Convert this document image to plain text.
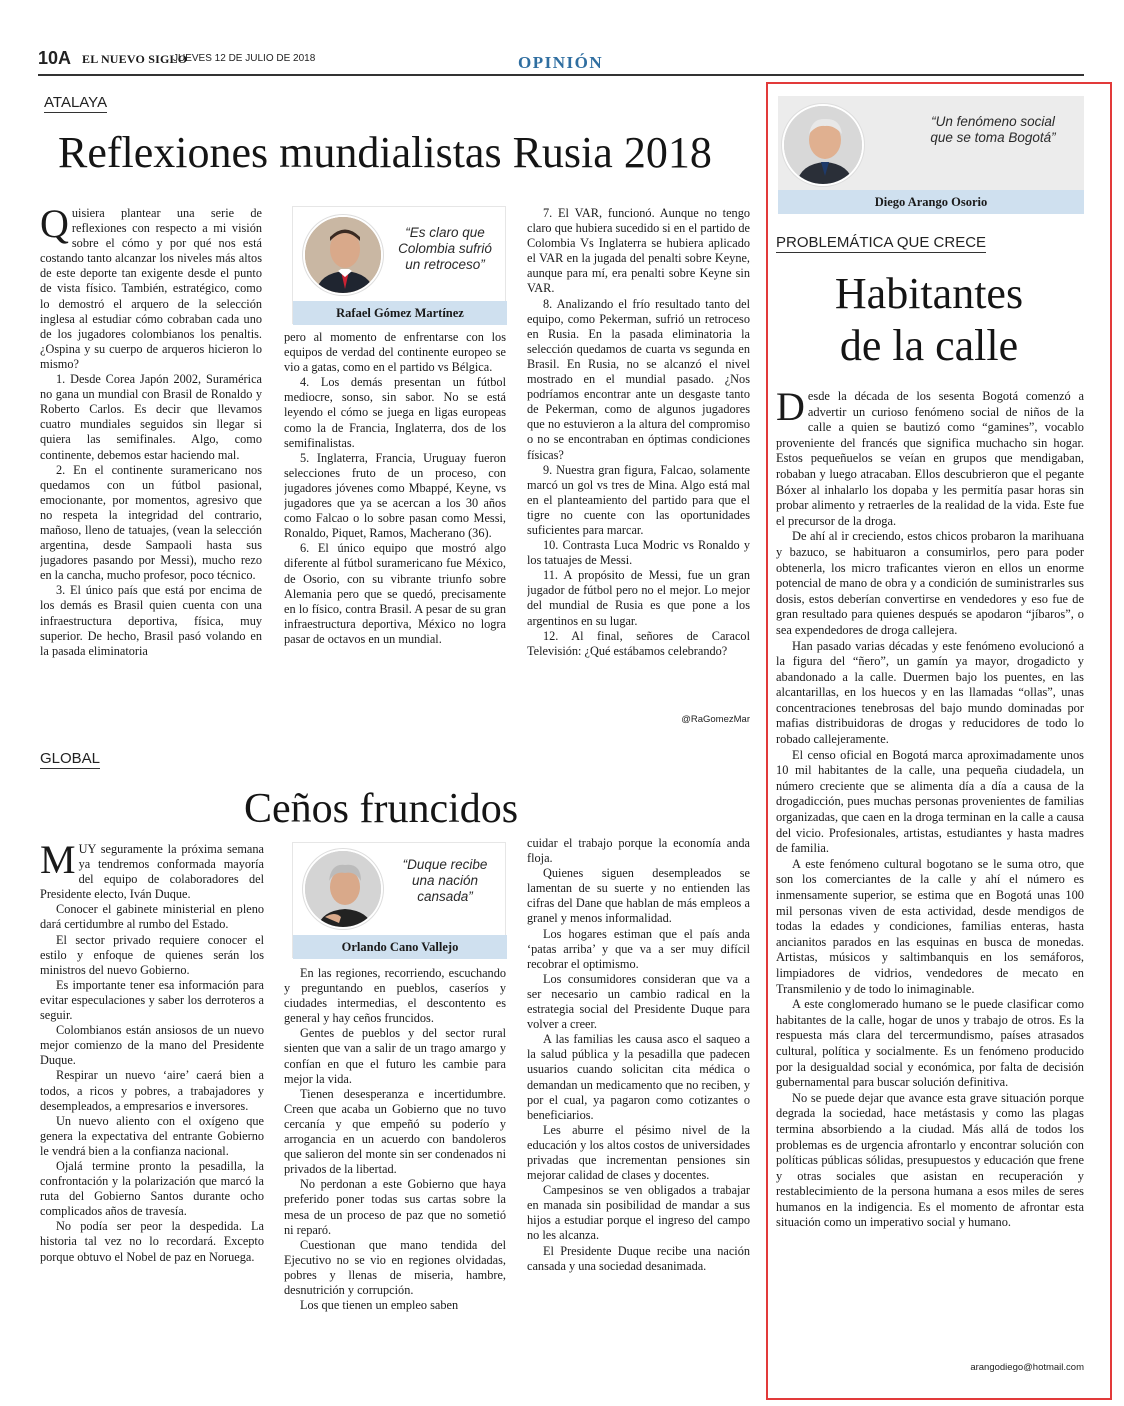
10A EL NUEVO SIGLO
JUEVES 12 DE JULIO DE 2018	OPINIÓN
ATALAYA
Reflexiones mundialistas Rusia 2018

Quisiera plantear una serie de reflexiones con respecto a mi visión sobre el cómo y por qué nos está costando tanto alcanzar los niveles más altos de este deporte tan exigente desde el punto de vista físico. También, estratégico, como lo demostró el arquero de la selección inglesa al estudiar cómo cobraban cada uno de los jugadores colombianos los penaltis. ¿Ospina y su cuerpo de arqueros hicieron lo mismo?

1. Desde Corea Japón 2002, Suramérica no gana un mundial con Brasil de Ronaldo y Roberto Carlos. Es decir que llevamos cuatro mundiales seguidos sin llegar si quiera las semifinales. Algo, como continente, debemos estar haciendo mal.

2. En el continente suramericano nos quedamos con un fútbol pasional, emocionante, por momentos, agresivo que no respeta la integridad del contrario, mañoso, lleno de tatuajes, (vean la selección argentina, desde Sampaoli hasta sus jugadores pasando por Messi), mucho rezo en la cancha, mucho profesor, poco técnico.

3. El único país que está por encima de los demás es Brasil quien cuenta con una infraestructura deportiva, física, muy superior. De hecho, Brasil pasó volando en la pasada eliminatoria

“Es claro que Colombia sufrió un retroceso”
Rafael Gómez Martínez

pero al momento de enfrentarse con los equipos de verdad del continente europeo se vio a gatas, como en el partido vs Bélgica.

4. Los demás presentan un fútbol mediocre, sonso, sin sabor. No se está leyendo el cómo se juega en ligas europeas como la de Francia, Inglaterra, dos de los semifinalistas.

5. Inglaterra, Francia, Uruguay fueron selecciones fruto de un proceso, con jugadores jóvenes como Mbappé, Keyne, vs jugadores que ya se acercan a los 30 años como Falcao o lo sobre pasan como Messi, Ronaldo, Piquet, Ramos, Macherano (36).

6. El único equipo que mostró algo diferente al fútbol suramericano fue México, de Osorio, con su vibrante triunfo sobre Alemania pero que se quedó, precisamente en lo físico, contra Brasil. A pesar de su gran infraestructura deportiva, México no logra pasar de octavos en un mundial.

7. El VAR, funcionó. Aunque no tengo claro que hubiera sucedido si en el partido de Colombia Vs Inglaterra se hubiera aplicado el VAR en la jugada del penalti sobre Keyne, aunque para mí, era penalti sobre Keyne sin VAR.

8. Analizando el frío resultado tanto del equipo, como Pekerman, sufrió un retroceso en Rusia. En la pasada eliminatoria la selección quedamos de cuarta vs segunda en Brasil. En Rusia, no se alcanzó el nivel mostrado en el mundial pasado. ¿Nos podríamos encontrar ante un desgaste tanto de Pekerman, como de algunos jugadores que no estuvieron a la altura del compromiso o no se encontraban en óptimas condiciones físicas?

9. Nuestra gran figura, Falcao, solamente marcó un gol vs tres de Mina. Algo está mal en el planteamiento del partido para que el tigre no cuente con las oportunidades suficientes para marcar.

10. Contrasta Luca Modric vs Ronaldo y los tatuajes de Messi.

11. A propósito de Messi, fue un gran jugador de fútbol pero no el mejor. Lo mejor del mundial de Rusia es que pone a los argentinos en su lugar.

12. Al final, señores de Caracol Televisión: ¿Qué estábamos celebrando?

@RaGomezMar
GLOBAL
Ceños fruncidos

MUY seguramente la próxima semana ya tendremos conformada mayoría del equipo de colaboradores del Presidente electo, Iván Duque.

Conocer el gabinete ministerial en pleno dará certidumbre al rumbo del Estado.

El sector privado requiere conocer el estilo y enfoque de quienes serán los ministros del nuevo Gobierno.

Es importante tener esa información para evitar especulaciones y saber los derroteros a seguir.

Colombianos están ansiosos de un nuevo mejor comienzo de la mano del Presidente Duque.

Respirar un nuevo ‘aire’ caerá bien a todos, a ricos y pobres, a trabajadores y desempleados, a empresarios e inversores.

Un nuevo aliento con el oxígeno que genera la expectativa del entrante Gobierno le vendrá bien a la confianza nacional.

Ojalá termine pronto la pesadilla, la confrontación y la polarización que marcó la ruta del Gobierno Santos durante ocho complicados años de travesía.

No podía ser peor la despedida. La historia tal vez no lo recordará. Excepto porque obtuvo el Nobel de paz en Noruega.

“Duque recibe una nación cansada”
Orlando Cano Vallejo

En las regiones, recorriendo, escuchando y preguntando en pueblos, caseríos y ciudades intermedias, el descontento es general y hay ceños fruncidos.

Gentes de pueblos y del sector rural sienten que van a salir de un trago amargo y confían en que el futuro les cambie para mejor la vida.

Tienen desesperanza e incertidumbre. Creen que acaba un Gobierno que no tuvo cercanía y que empeñó su poderío y arrogancia en un acuerdo con bandoleros que salieron del monte sin ser condenados ni privados de la libertad.

No perdonan a este Gobierno que haya preferido poner todas sus cartas sobre la mesa de un proceso de paz que no sometió ni reparó.

Cuestionan que mano tendida del Ejecutivo no se vio en regiones olvidadas, pobres y llenas de miseria, hambre, desnutrición y corrupción.

Los que tienen un empleo saben

cuidar el trabajo porque la economía anda floja.

Quienes siguen desempleados se lamentan de su suerte y no entienden las cifras del Dane que hablan de más empleos a granel y menos informalidad.

Los hogares estiman que el país anda ‘patas arriba’ y que va a ser muy difícil recobrar el optimismo.

Los consumidores consideran que va a ser necesario un cambio radical en la estrategia social del Presidente Duque para volver a creer.

A las familias les causa asco el saqueo a la salud pública y la pesadilla que padecen usuarios cuando solicitan cita médica o demandan un medicamento que no reciben, y por el cual, ya pagaron como cotizantes o beneficiarios.

Les aburre el pésimo nivel de la educación y los altos costos de universidades privadas que incrementan pensiones sin mejorar calidad de clases y docentes.

Campesinos se ven obligados a trabajar en manada sin posibilidad de mandar a sus hijos a estudiar porque el ingreso del campo no les alcanza.

El Presidente Duque recibe una nación cansada y una sociedad desanimada.

“Un fenómeno social que se toma Bogotá”
Diego Arango Osorio
PROBLEMÁTICA QUE CRECE
Habitantes
de la calle

Desde la década de los sesenta Bogotá comenzó a advertir un curioso fenómeno social de niños de la calle a quien se bautizó como “gamines”, vocablo proveniente del francés que significa muchacho sin hogar. Estos pequeñuelos se veían en grupos que mendigaban, robaban y luego atracaban. Ellos descubrieron que el pegante Bóxer al inhalarlo los dopaba y les permitía pasar horas sin probar alimento y retraerles de la realidad de la vida. Este fue el precursor de la droga.

De ahí al ir creciendo, estos chicos probaron la marihuana y bazuco, se habituaron a consumirlos, pero para poder obtenerla, los micro traficantes vieron en ellos un enorme potencial de mano de obra y a condición de suministrarles sus dosis, estos deberían convertirse en vendedores y eso fue de gran resultado para quienes después se apodaron “jíbaros”, o sea expendedores de droga callejera.

Han pasado varias décadas y este fenómeno evolucionó a la figura del “ñero”, un gamín ya mayor, drogadicto y abandonado a la calle. Duermen bajo los puentes, en las alcantarillas, en los huecos y en las llamadas “ollas”, unas concentraciones tenebrosas del bajo mundo dominadas por mafias distribuidoras de drogas y reducidores de todo lo robado callejeramente.

El censo oficial en Bogotá marca aproximadamente unos 10 mil habitantes de la calle, una pequeña ciudadela, un número creciente que se alimenta día a día a causa de la drogadicción, pues muchas personas provenientes de familias organizadas, que caen en la droga terminan en la calle a causa del vicio. Profesionales, artistas, estudiantes y hasta madres de familia.

A este fenómeno cultural bogotano se le suma otro, que son los comerciantes de la calle y ahí el número es inmensamente superior, se estima que en Bogotá unas 100 mil personas viven de esta actividad, desde mendigos de todas la edades y condiciones, familias enteras, hasta ancianitos parados en las esquinas en busca de monedas. Artistas, músicos y saltimbanquis en los semáforos, limpiadores de vidrios, vendedores de mecato en Transmilenio y de todo lo inimaginable.

A este conglomerado humano se le puede clasificar como habitantes de la calle, hogar de unos y trabajo de otros. Es la respuesta más clara del tercermundismo, países atrasados cultural, política y socialmente. Es un fenómeno producido por la desigualdad social y económica, por falta de decisión gubernamental para buscar solución definitiva.

No se puede dejar que avance esta grave situación porque degrada la sociedad, hace metástasis y como las plagas termina absorbiendo a la ciudad. Más allá de todos los problemas es de urgencia afrontarlo y encontrar solución con políticas públicas sólidas, presupuestos y educación que frene y otras sociales que asistan en recuperación y restablecimiento de la persona humana a esos miles de seres humanos en la indigencia. Es el momento de afrontar esta situación como un imperativo social y humano.

arangodiego@hotmail.com
